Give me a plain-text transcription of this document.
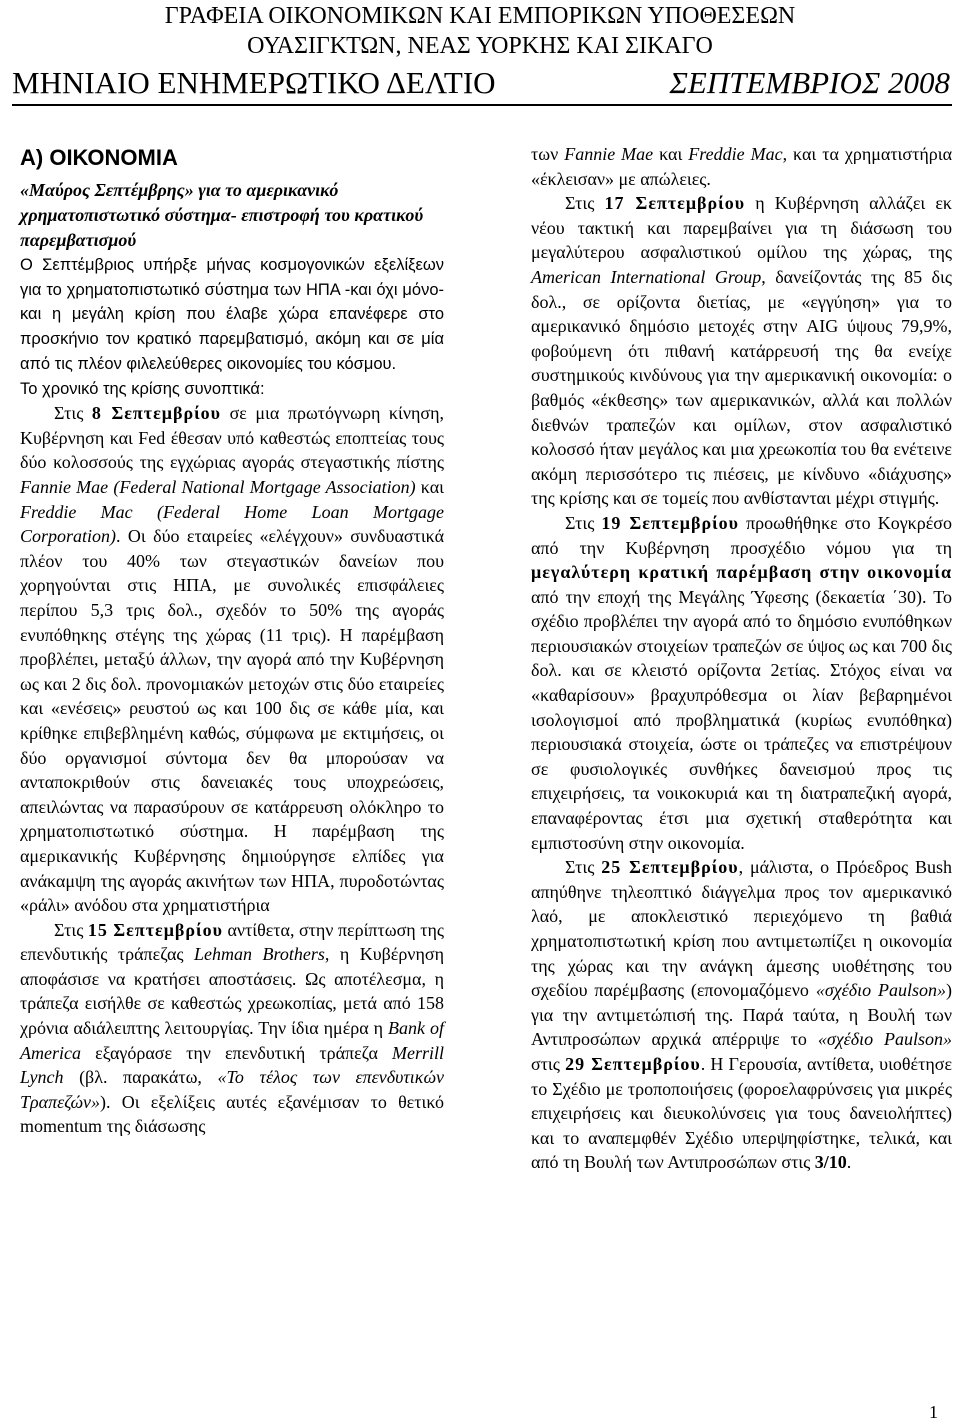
ΓΡΑΦΕΙΑ ΟΙΚΟΝΟΜΙΚΩΝ ΚΑΙ ΕΜΠΟΡΙΚΩΝ ΥΠΟΘΕΣΕΩΝ
ΟΥΑΣΙΓΚΤΩΝ, ΝΕΑΣ ΥΟΡΚΗΣ ΚΑΙ ΣΙΚΑΓΟ
ΜΗΝΙΑΙΟ ΕΝΗΜΕΡΩΤΙΚΟ ΔΕΛΤΙΟ	ΣΕΠΤΕΜΒΡΙΟΣ 2008

Α) ΟΙΚΟΝΟΜΙΑ

«Μαύρος Σεπτέμβρης» για το αμερικανικό χρηματοπιστωτικό σύστημα- επιστροφή του κρατικού παρεμβατισμού

Ο Σεπτέμβριος υπήρξε μήνας κοσμογονικών εξελίξεων για το χρηματοπιστωτικό σύστημα των ΗΠΑ -και όχι μόνο- και η μεγάλη κρίση που έλαβε χώρα επανέφερε στο προσκήνιο τον κρατικό παρεμβατισμό, ακόμη και σε μία από τις πλέον φιλελεύθερες οικονομίες του κόσμου.

Το χρονικό της κρίσης συνοπτικά:

Στις 8 Σεπτεμβρίου σε μια πρωτόγνωρη κίνηση, Κυβέρνηση και Fed έθεσαν υπό καθεστώς εποπτείας τους δύο κολοσσούς της εγχώριας αγοράς στεγαστικής πίστης Fannie Mae (Federal National Mortgage Association) και Freddie Mac (Federal Home Loan Mortgage Corporation). Οι δύο εταιρείες «ελέγχουν» συνδυαστικά πλέον του 40% των στεγαστικών δανείων που χορηγούνται στις ΗΠΑ, με συνολικές επισφάλειες περίπου 5,3 τρις δολ., σχεδόν το 50% της αγοράς ενυπόθηκης στέγης της χώρας (11 τρις). Η παρέμβαση προβλέπει, μεταξύ άλλων, την αγορά από την Κυβέρνηση ως και 2 δις δολ. προνομιακών μετοχών στις δύο εταιρείες και «ενέσεις» ρευστού ως και 100 δις σε κάθε μία, και κρίθηκε επιβεβλημένη καθώς, σύμφωνα με εκτιμήσεις, οι δύο οργανισμοί σύντομα δεν θα μπορούσαν να ανταποκριθούν στις δανειακές τους υποχρεώσεις, απειλώντας να παρασύρουν σε κατάρρευση ολόκληρο το χρηματοπιστωτικό σύστημα. Η παρέμβαση της αμερικανικής Κυβέρνησης δημιούργησε ελπίδες για ανάκαμψη της αγοράς ακινήτων των ΗΠΑ, πυροδοτώντας «ράλι» ανόδου στα χρηματιστήρια

Στις 15 Σεπτεμβρίου αντίθετα, στην περίπτωση της επενδυτικής τράπεζας Lehman Brothers, η Κυβέρνηση αποφάσισε να κρατήσει αποστάσεις. Ως αποτέλεσμα, η τράπεζα εισήλθε σε καθεστώς χρεωκοπίας, μετά από 158 χρόνια αδιάλειπτης λειτουργίας. Την ίδια ημέρα η Bank of America εξαγόρασε την επενδυτική τράπεζα Merrill Lynch (βλ. παρακάτω, «Το τέλος των επενδυτικών Τραπεζών»). Οι εξελίξεις αυτές εξανέμισαν το θετικό momentum της διάσωσης

των Fannie Mae και Freddie Mac, και τα χρηματιστήρια «έκλεισαν» με απώλειες.

Στις 17 Σεπτεμβρίου η Κυβέρνηση αλλάζει εκ νέου τακτική και παρεμβαίνει για τη διάσωση του μεγαλύτερου ασφαλιστικού ομίλου της χώρας, της American International Group, δανείζοντάς της 85 δις δολ., σε ορίζοντα διετίας, με «εγγύηση» για το αμερικανικό δημόσιο μετοχές στην AIG ύψους 79,9%, φοβούμενη ότι πιθανή κατάρρευσή της θα ενείχε συστημικούς κινδύνους για την αμερικανική οικονομία: ο βαθμός «έκθεσης» των αμερικανικών, αλλά και πολλών διεθνών τραπεζών και ομίλων, στον ασφαλιστικό κολοσσό ήταν μεγάλος και μια χρεωκοπία του θα ενέτεινε ακόμη περισσότερο τις πιέσεις, με κίνδυνο «διάχυσης» της κρίσης και σε τομείς που ανθίστανται μέχρι στιγμής.

Στις 19 Σεπτεμβρίου προωθήθηκε στο Κογκρέσο από την Κυβέρνηση προσχέδιο νόμου για τη μεγαλύτερη κρατική παρέμβαση στην οικονομία από την εποχή της Μεγάλης Ύφεσης (δεκαετία ΄30). Το σχέδιο προβλέπει την αγορά από το δημόσιο ενυπόθηκων περιουσιακών στοιχείων τραπεζών σε ύψος ως και 700 δις δολ. και σε κλειστό ορίζοντα 2ετίας. Στόχος είναι να «καθαρίσουν» βραχυπρόθεσμα οι λίαν βεβαρημένοι ισολογισμοί από προβληματικά (κυρίως ενυπόθηκα) περιουσιακά στοιχεία, ώστε οι τράπεζες να επιστρέψουν σε φυσιολογικές συνθήκες δανεισμού προς τις επιχειρήσεις, τα νοικοκυριά και τη διατραπεζική αγορά, επαναφέροντας έτσι μια σχετική σταθερότητα και εμπιστοσύνη στην οικονομία.

Στις 25 Σεπτεμβρίου, μάλιστα, ο Πρόεδρος Bush απηύθηνε τηλεοπτικό διάγγελμα προς τον αμερικανικό λαό, με αποκλειστικό περιεχόμενο τη βαθιά χρηματοπιστωτική κρίση που αντιμετωπίζει η οικονομία της χώρας και την ανάγκη άμεσης υιοθέτησης του σχεδίου παρέμβασης (επονομαζόμενο «σχέδιο Paulson») για την αντιμετώπισή της. Παρά ταύτα, η Βουλή των Αντιπροσώπων αρχικά απέρριψε το «σχέδιο Paulson» στις 29 Σεπτεμβρίου. Η Γερουσία, αντίθετα, υιοθέτησε το Σχέδιο με τροποποιήσεις (φοροελαφρύνσεις για μικρές επιχειρήσεις και διευκολύνσεις για τους δανειολήπτες) και το αναπεμφθέν Σχέδιο υπερψηφίστηκε, τελικά, και από τη Βουλή των Αντιπροσώπων στις 3/10.

1
